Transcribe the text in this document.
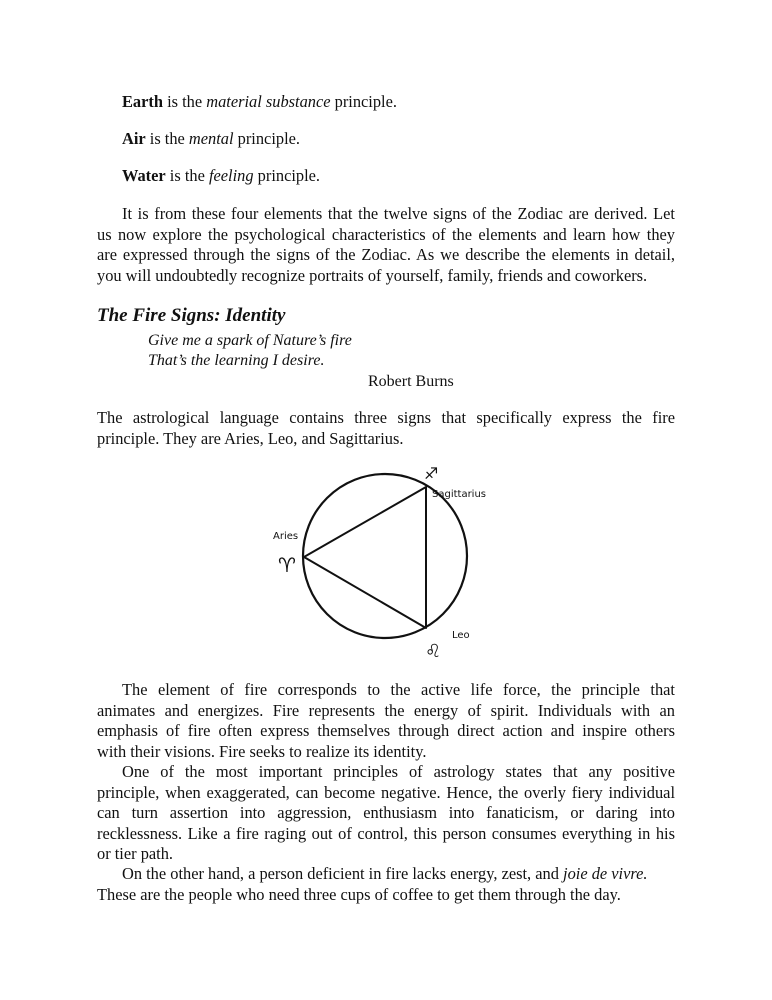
Earth is the material substance principle.
Air is the mental principle.
Water is the feeling principle.
It is from these four elements that the twelve signs of the Zodiac are derived. Let
us now explore the psychological characteristics of the elements and learn how they
are expressed through the signs of the Zodiac. As we describe the elements in detail,
you will undoubtedly recognize portraits of yourself, family, friends and coworkers.
The Fire Signs: Identity
Give me a spark of Nature’s fire
That’s the learning I desire.
Robert Burns
The astrological language contains three signs that specifically express the fire
principle. They are Aries, Leo, and Sagittarius.
Aries
♈
Sagittarius
♐
Leo
♌
The element of fire corresponds to the active life force, the principle that
animates and energizes. Fire represents the energy of spirit. Individuals with an
emphasis of fire often express themselves through direct action and inspire others
with their visions. Fire seeks to realize its identity.
One of the most important principles of astrology states that any positive
principle, when exaggerated, can become negative. Hence, the overly fiery individual
can turn assertion into aggression, enthusiasm into fanaticism, or daring into
recklessness. Like a fire raging out of control, this person consumes everything in his
or tier path.
On the other hand, a person deficient in fire lacks energy, zest, and joie de vivre.
These are the people who need three cups of coffee to get them through the day.
